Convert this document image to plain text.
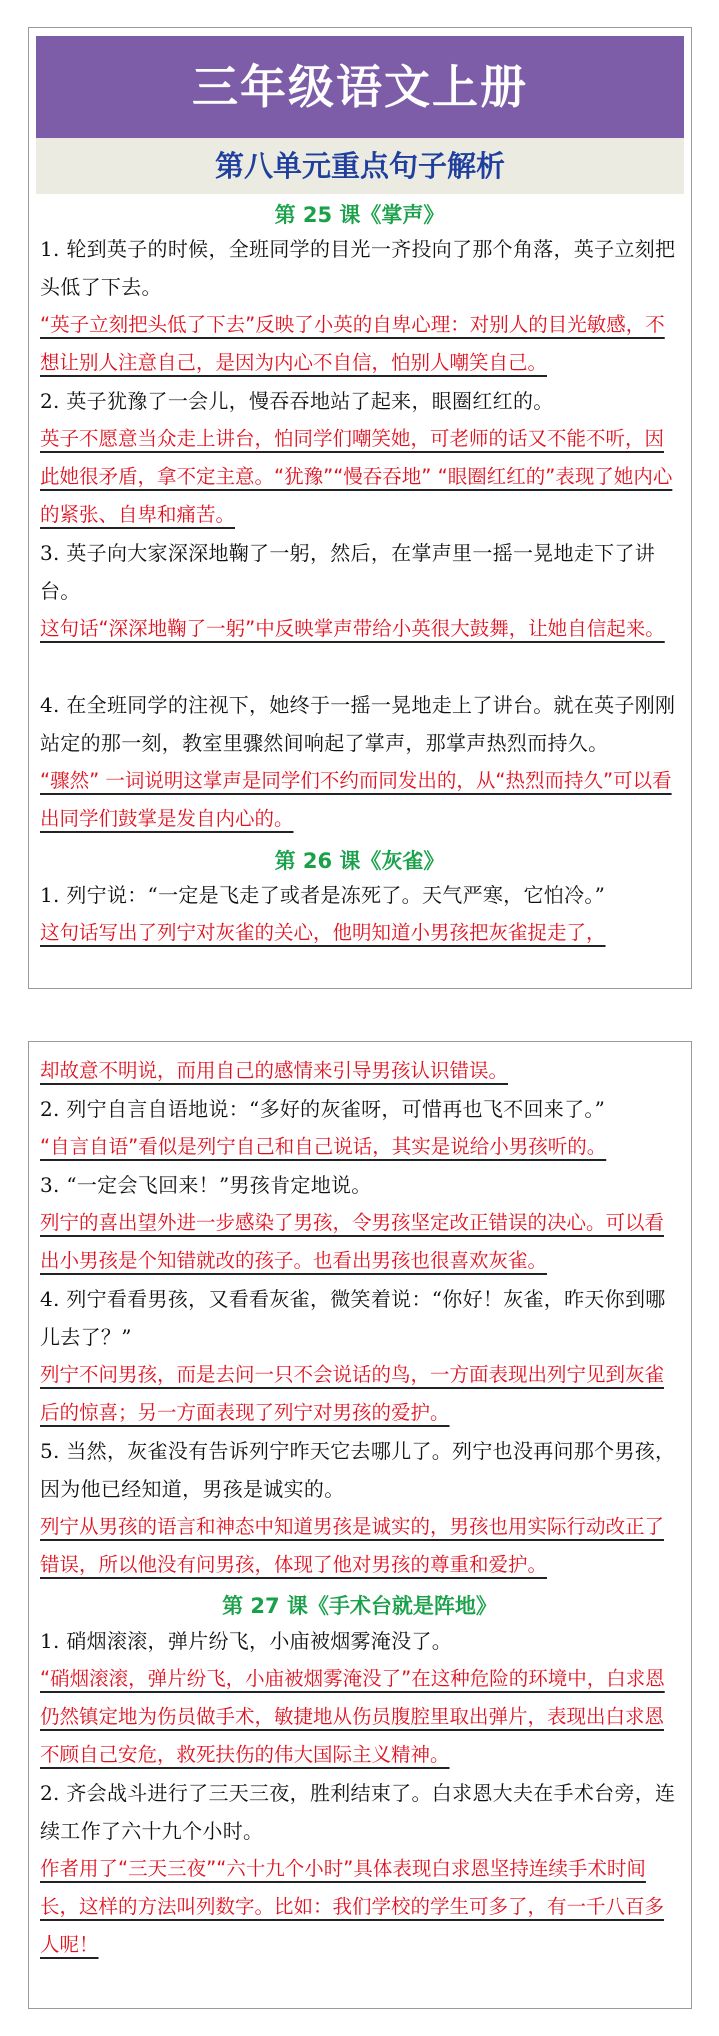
三年级语文上册
第八单元重点句子解析
第 25 课《掌声》
1. 轮到英子的时候，全班同学的目光一齐投向了那个角落，英子立刻把头低了下去。
“英子立刻把头低了下去”反映了小英的自卑心理：对别人的目光敏感，不想让别人注意自己，是因为内心不自信，怕别人嘲笑自己。
2. 英子犹豫了一会儿，慢吞吞地站了起来，眼圈红红的。
英子不愿意当众走上讲台，怕同学们嘲笑她，可老师的话又不能不听，因此她很矛盾，拿不定主意。“犹豫”“慢吞吞地” “眼圈红红的”表现了她内心的紧张、自卑和痛苦。
3. 英子向大家深深地鞠了一躬，然后，在掌声里一摇一晃地走下了讲台。
这句话“深深地鞠了一躬”中反映掌声带给小英很大鼓舞，让她自信起来。
4. 在全班同学的注视下，她终于一摇一晃地走上了讲台。就在英子刚刚站定的那一刻，教室里骤然间响起了掌声，那掌声热烈而持久。
“骤然” 一词说明这掌声是同学们不约而同发出的，从“热烈而持久”可以看出同学们鼓掌是发自内心的。
第 26 课《灰雀》
1. 列宁说：“一定是飞走了或者是冻死了。天气严寒，它怕冷。”
这句话写出了列宁对灰雀的关心，他明知道小男孩把灰雀捉走了，
却故意不明说，而用自己的感情来引导男孩认识错误。
2. 列宁自言自语地说：“多好的灰雀呀，可惜再也飞不回来了。”
“自言自语”看似是列宁自己和自己说话，其实是说给小男孩听的。
3. “一定会飞回来！”男孩肯定地说。
列宁的喜出望外进一步感染了男孩，令男孩坚定改正错误的决心。可以看出小男孩是个知错就改的孩子。也看出男孩也很喜欢灰雀。
4. 列宁看看男孩，又看看灰雀，微笑着说：“你好！灰雀，昨天你到哪儿去了？”
列宁不问男孩，而是去问一只不会说话的鸟，一方面表现出列宁见到灰雀后的惊喜；另一方面表现了列宁对男孩的爱护。
5. 当然，灰雀没有告诉列宁昨天它去哪儿了。列宁也没再问那个男孩，因为他已经知道，男孩是诚实的。
列宁从男孩的语言和神态中知道男孩是诚实的，男孩也用实际行动改正了错误，所以他没有问男孩，体现了他对男孩的尊重和爱护。
第 27 课《手术台就是阵地》
1. 硝烟滚滚，弹片纷飞，小庙被烟雾淹没了。
“硝烟滚滚，弹片纷飞，小庙被烟雾淹没了”在这种危险的环境中，白求恩仍然镇定地为伤员做手术，敏捷地从伤员腹腔里取出弹片，表现出白求恩不顾自己安危，救死扶伤的伟大国际主义精神。
2. 齐会战斗进行了三天三夜，胜利结束了。白求恩大夫在手术台旁，连续工作了六十九个小时。
作者用了“三天三夜”“六十九个小时”具体表现白求恩坚持连续手术时间长，这样的方法叫列数字。比如：我们学校的学生可多了，有一千八百多人呢！
